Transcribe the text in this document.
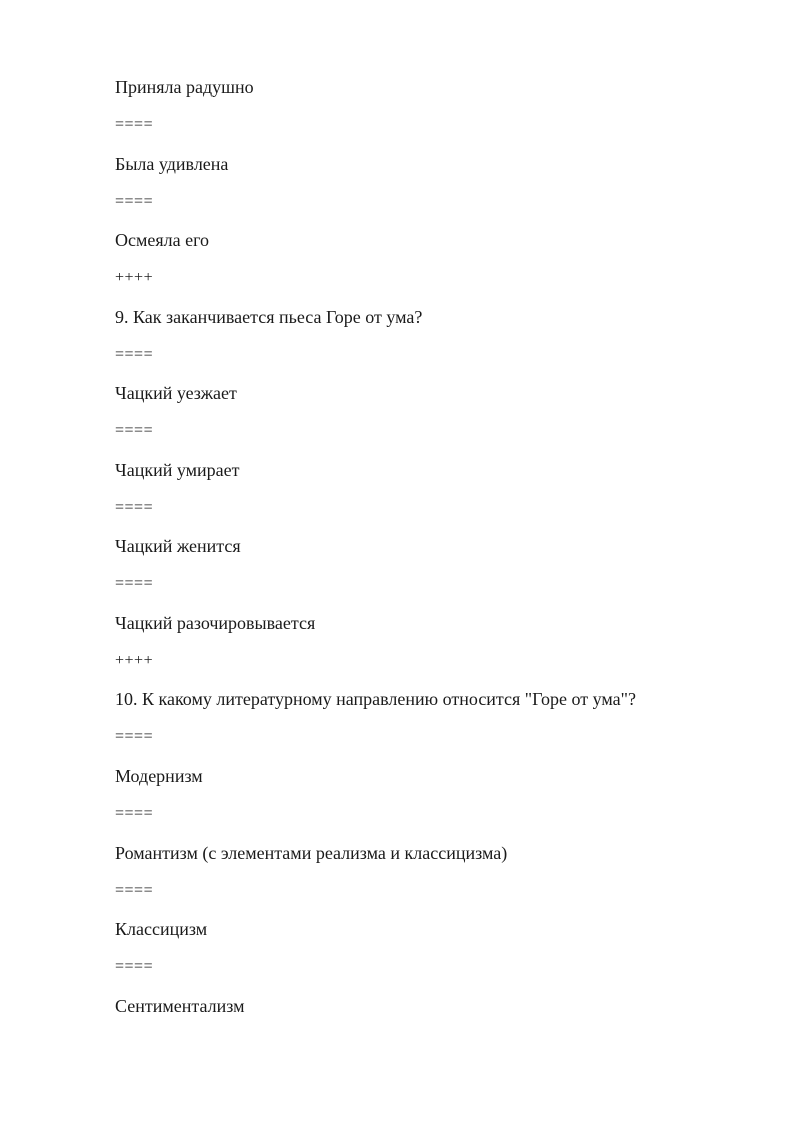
Приняла радушно

====

Была удивлена

====

Осмеяла его

++++

9. Как заканчивается пьеса Горе от ума?

====

Чацкий уезжает

====

Чацкий умирает

====

Чацкий женится

====

Чацкий разочировывается

++++

10. К какому литературному направлению относится "Горе от ума"?

====

Модернизм

====

Романтизм (с элементами реализма и классицизма)

====

Классицизм

====

Сентиментализм
